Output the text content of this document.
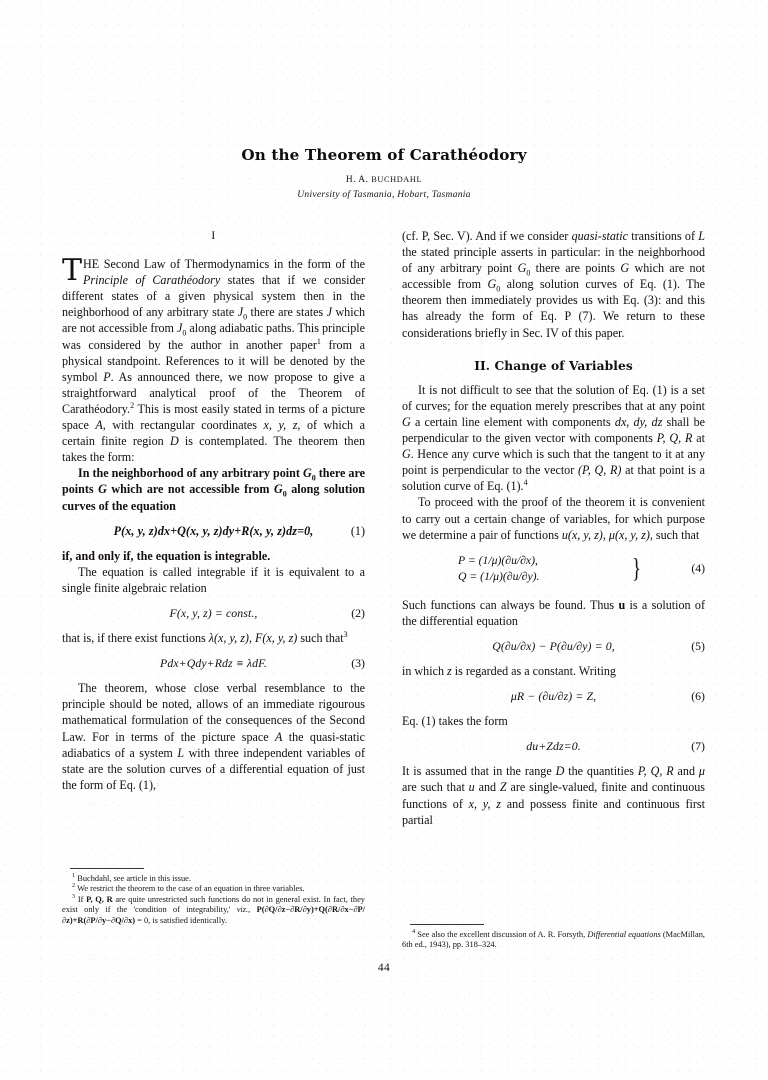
On the Theorem of Carathéodory
H. A. BUCHDAHL
University of Tasmania, Hobart, Tasmania
I

THE Second Law of Thermodynamics in the form of the Principle of Carathéodory states that if we consider different states of a given physical system then in the neighborhood of any arbitrary state $J_0$ there are states J which are not accessible from $J_0$ along adiabatic paths. This principle was considered by the author in another paper$^1$ from a physical standpoint. References to it will be denoted by the symbol P. As announced there, we now propose to give a straightforward analytical proof of the Theorem of Carathéodory.$^2$ This is most easily stated in terms of a picture space A, with rectangular coordinates x, y, z, of which a certain finite region D is contemplated. The theorem then takes the form:

In the neighborhood of any arbitrary point $G_0$ there are points G which are not accessible from $G_0$ along solution curves of the equation

P(x, y, z)dx+Q(x, y, z)dy+R(x, y, z)dz=0,	(1)

if, and only if, the equation is integrable.

The equation is called integrable if it is equivalent to a single finite algebraic relation

F(x, y, z) = const.,	(2)

that is, if there exist functions λ(x, y, z), F(x, y, z) such that$^3$

Pdx+Qdy+Rdz ≡ λdF.	(3)

The theorem, whose close verbal resemblance to the principle should be noted, allows of an immediate rigourous mathematical formulation of the consequences of the Second Law. For in terms of the picture space A the quasi-static adiabatics of a system L with three independent variables of state are the solution curves of a differential equation of just the form of Eq. (1),

(cf. P, Sec. V). And if we consider quasi-static transitions of L the stated principle asserts in particular: in the neighborhood of any arbitrary point $G_0$ there are points G which are not accessible from $G_0$ along solution curves of Eq. (1). The theorem then immediately provides us with Eq. (3): and this has already the form of Eq. P (7). We return to these considerations briefly in Sec. IV of this paper.

II. Change of Variables

It is not difficult to see that the solution of Eq. (1) is a set of curves; for the equation merely prescribes that at any point G a certain line element with components dx, dy, dz shall be perpendicular to the given vector with components P, Q, R at G. Hence any curve which is such that the tangent to it at any point is perpendicular to the vector (P, Q, R) at that point is a solution curve of Eq. (1).$^4$

To proceed with the proof of the theorem it is convenient to carry out a certain change of variables, for which purpose we determine a pair of functions u(x, y, z), μ(x, y, z), such that

P = (1/μ)(∂u/∂x),
Q = (1/μ)(∂u/∂y).	}	(4)

Such functions can always be found. Thus u is a solution of the differential equation

Q(∂u/∂x) − P(∂u/∂y) = 0,	(5)

in which z is regarded as a constant. Writing

μR − (∂u/∂z) = Z,	(6)

Eq. (1) takes the form

du+Zdz=0.	(7)

It is assumed that in the range D the quantities P, Q, R and μ are such that u and Z are single-valued, finite and continuous functions of x, y, z and possess finite and continuous first partial

$^1$ Buchdahl, see article in this issue.

$^2$ We restrict the theorem to the case of an equation in three variables.

$^3$ If P, Q, R are quite unrestricted such functions do not in general exist. In fact, they exist only if the 'condition of integrability,' viz., P(∂Q/∂z−∂R/∂y)+Q(∂R/∂x−∂P/∂z)+R(∂P/∂y−∂Q/∂x) = 0, is satisfied identically.

$^4$ See also the excellent discussion of A. R. Forsyth, Differential equations (MacMillan, 6th ed., 1943), pp. 318–324.

44
